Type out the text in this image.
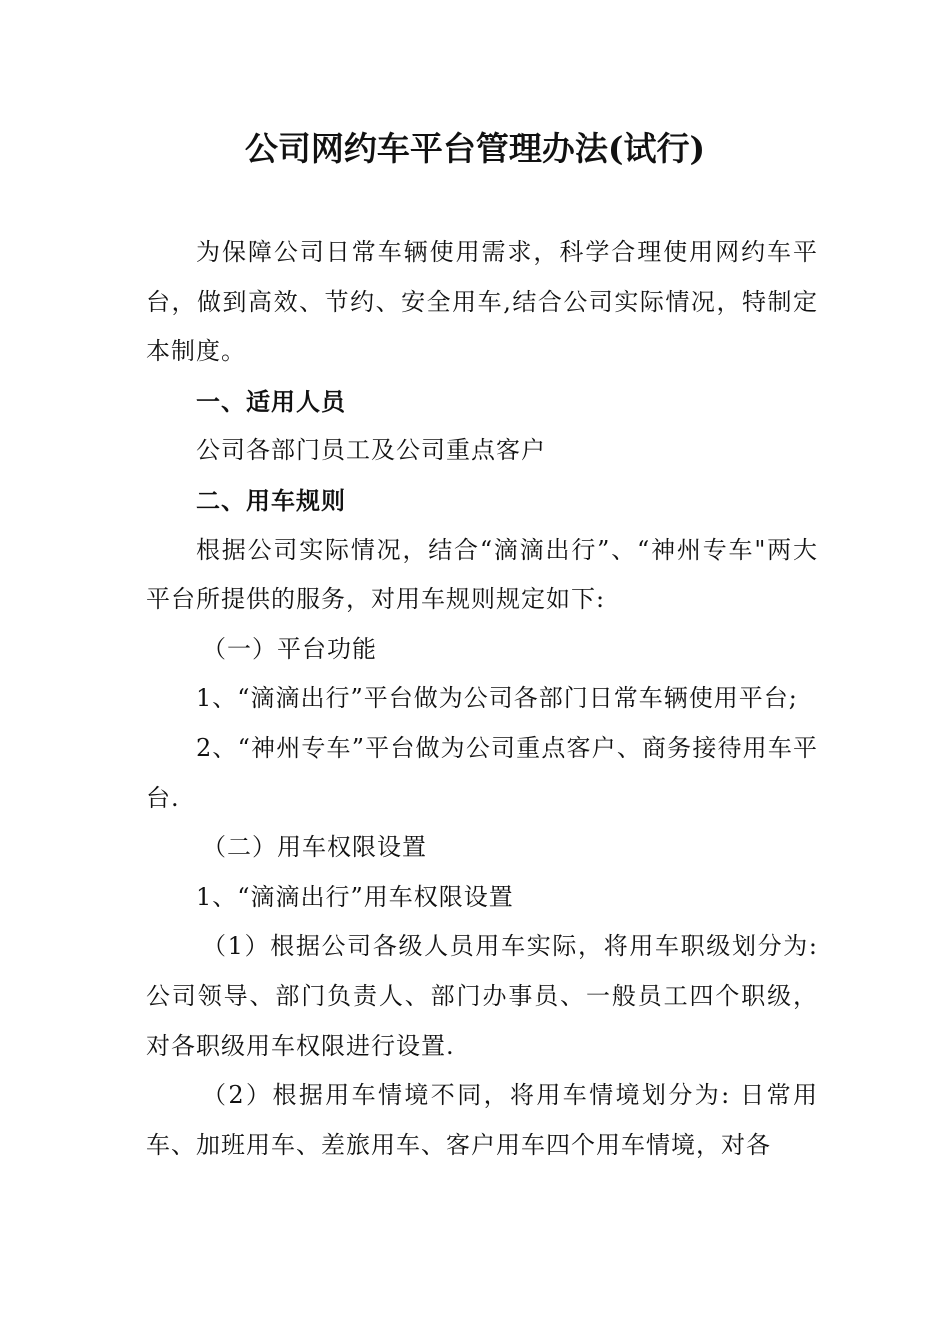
公司网约车平台管理办法(试行)

为保障公司日常车辆使用需求，科学合理使用网约车平台，做到高效、节约、安全用车,结合公司实际情况，特制定本制度。

一、适用人员

公司各部门员工及公司重点客户

二、用车规则

根据公司实际情况，结合“滴滴出行”、“神州专车"两大平台所提供的服务，对用车规则规定如下:

（一）平台功能

1、“滴滴出行”平台做为公司各部门日常车辆使用平台;

2、“神州专车”平台做为公司重点客户、商务接待用车平台.

（二）用车权限设置

1、“滴滴出行”用车权限设置

（1）根据公司各级人员用车实际，将用车职级划分为:公司领导、部门负责人、部门办事员、一般员工四个职级，对各职级用车权限进行设置.

（2）根据用车情境不同，将用车情境划分为: 日常用车、加班用车、差旅用车、客户用车四个用车情境，对各
